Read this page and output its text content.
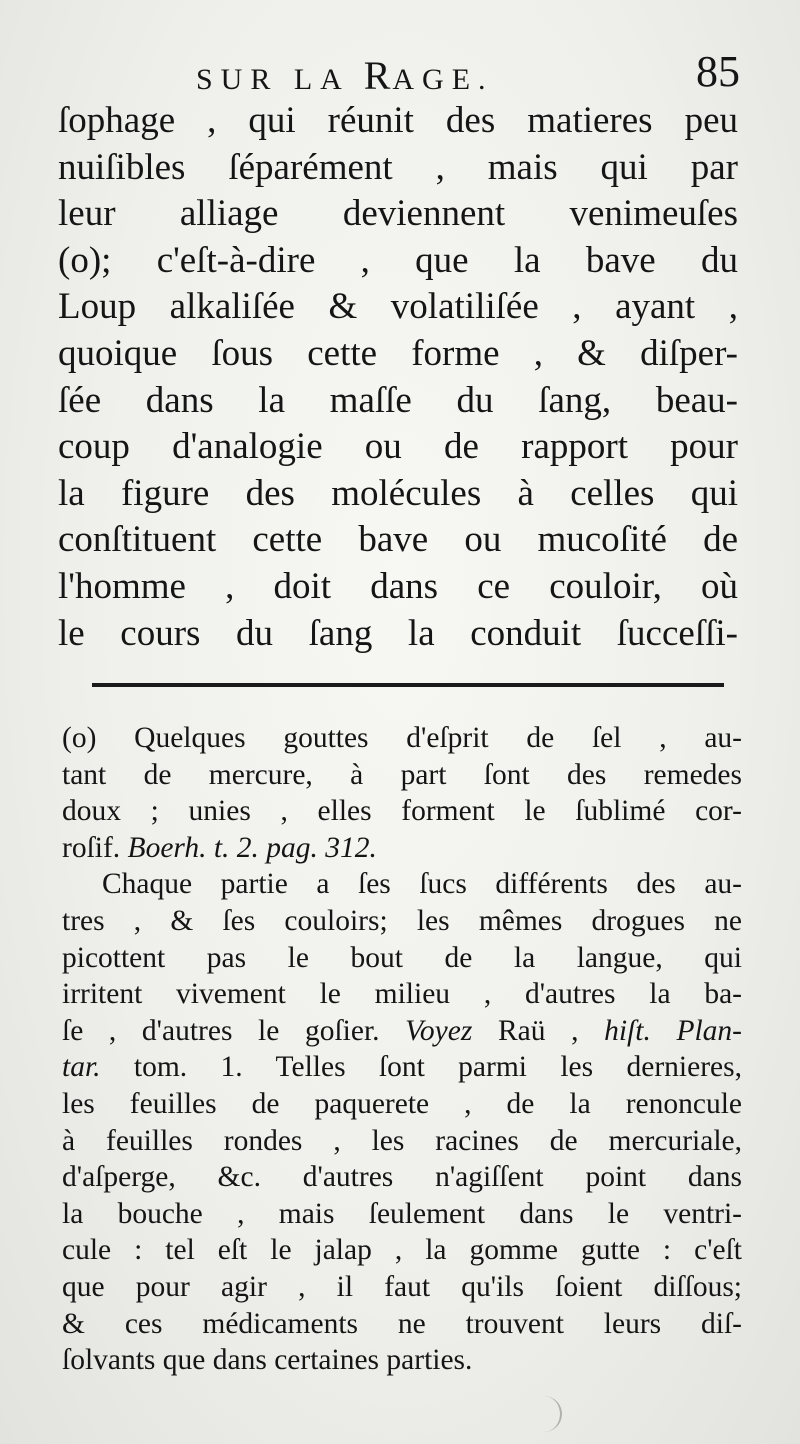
SUR LA RAGE.	85
ſophage , qui réunit des matieres peu
nuiſibles ſéparément , mais qui par
leur alliage deviennent venimeuſes
(o); c'eſt-à-dire , que la bave du
Loup alkaliſée & volatiliſée , ayant ,
quoique ſous cette forme , & diſper-
ſée dans la maſſe du ſang, beau-
coup d'analogie ou de rapport pour
la figure des molécules à celles qui
conſtituent cette bave ou mucoſité de
l'homme , doit dans ce couloir, où
le cours du ſang la conduit ſucceſſi-
(o) Quelques gouttes d'eſprit de ſel , au-
tant de mercure, à part ſont des remedes
doux ; unies , elles forment le ſublimé cor-
roſif. Boerh. t. 2. pag. 312.
Chaque partie a ſes ſucs différents des au-
tres , & ſes couloirs; les mêmes drogues ne
picottent pas le bout de la langue, qui
irritent vivement le milieu , d'autres la ba-
ſe , d'autres le goſier. Voyez Raü , hiſt. Plan-
tar. tom. 1. Telles ſont parmi les dernieres,
les feuilles de paquerete , de la renoncule
à feuilles rondes , les racines de mercuriale,
d'aſperge, &c. d'autres n'agiſſent point dans
la bouche , mais ſeulement dans le ventri-
cule : tel eſt le jalap , la gomme gutte : c'eſt
que pour agir , il faut qu'ils ſoient diſſous;
& ces médicaments ne trouvent leurs diſ-
ſolvants que dans certaines parties.
